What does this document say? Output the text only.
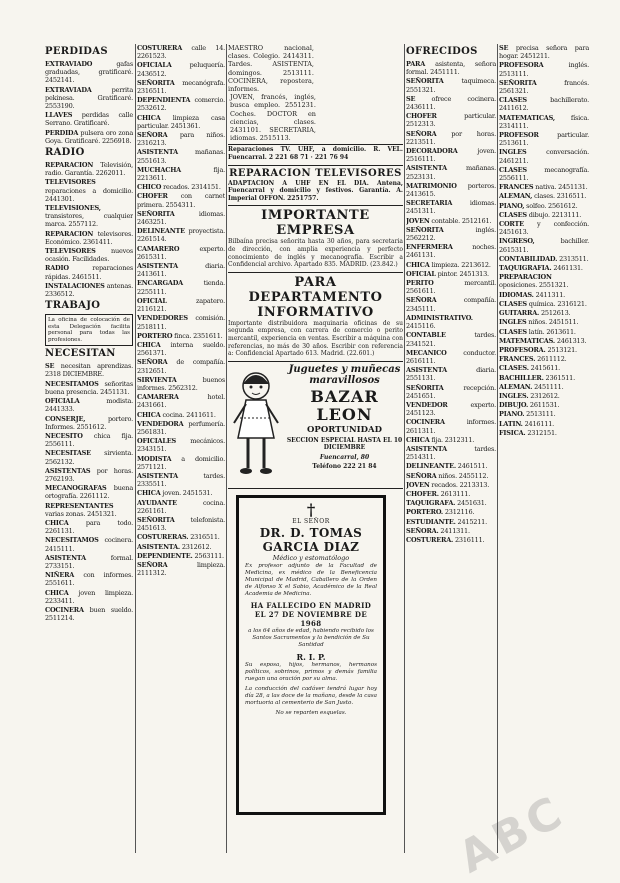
PERDIDAS
EXTRAVIADO gafas graduadas, gratificaré. 2452141.
EXTRAVIADA perrita pekinesa. Gratificaré. 2553190.
LLAVES perdidas calle Serrano. Gratificaré.
PERDIDA pulsera oro zona Goya. Gratificaré. 2256918.
RADIO
REPARACION Televisión, radio. Garantía. 2262011.
TELEVISORES reparaciones a domicilio. 2441301.
TELEVISIONES, transistores, cualquier marca. 2557112.
REPARACION televisores. Económico. 2361411.
TELEVISORES nuevos ocasión. Facilidades.
RADIO reparaciones rápidas. 2461511.
INSTALACIONES antenas. 2336512.
TRABAJO
La oficina de colocación de esta Delegación facilita personal para todas las profesiones.
NECESITAN
SE necesitan aprendizas. 2318 DICIEMBRE.
NECESITAMOS señoritas buena presencia. 2451131.
OFICIALA modista. 2441333.
CONSERJE, portero. Informes. 2551612.
NECESITO chica fija. 2556111.
NECESITASE sirvienta. 2562132.
ASISTENTAS por horas. 2762193.
MECANOGRAFAS buena ortografía. 2261112.
REPRESENTANTES varias zonas. 2451321.
CHICA para todo. 2261131.
NECESITAMOS cocinera. 2415111.
ASISTENTA formal. 2733151.
NIÑERA con informes. 2551611.
CHICA joven limpieza. 2233411.
COCINERA buen sueldo. 2511214.
COSTURERA calle 14. 2261523.
OFICIALA peluquería. 2436512.
SEÑORITA mecanógrafa. 2316511.
DEPENDIENTA comercio. 2532612.
CHICA limpieza casa particular. 2451361.
SEÑORA para niños. 2316213.
ASISTENTA mañanas. 2551613.
MUCHACHA fija. 2213611.
CHICO recados. 2314151.
CHOFER con carnet primera. 2554311.
SEÑORITA idiomas. 2463251.
DELINEANTE proyectista. 2261514.
CAMARERO experto. 2615311.
ASISTENTA diaria. 2413611.
ENCARGADA tienda. 2255111.
OFICIAL zapatero. 2116121.
VENDEDORES comisión. 2518111.
PORTERO finca. 2351611.
CHICA interna sueldo. 2561371.
SEÑORA de compañía. 2312651.
SIRVIENTA buenos informes. 2562312.
CAMARERA hotel. 2431661.
CHICA cocina. 2411611.
VENDEDORA perfumería. 2561831.
OFICIALES mecánicos. 2343151.
MODISTA a domicilio. 2571121.
ASISTENTA tardes. 2335511.
CHICA joven. 2451531.
AYUDANTE cocina. 2261161.
SEÑORITA telefonista. 2451613.
COSTURERAS. 2316511.
ASISTENTA. 2312612.
DEPENDIENTE. 2563111.
SEÑORA limpieza. 2111312.
MAESTRO nacional, clases. Colegio. 2414311. Tardes. ASISTENTA, domingos. 2513111. COCINERA, repostera, informes. JOVEN, francés, inglés, busca empleo. 2551231. Coches. DOCTOR en ciencias, clases. 2431101. SECRETARIA, idiomas. 2515113.
Reparaciones TV. UHF, a domicilio. R. VEL. Fuencarral. 2 221 68 71 · 221 76 94
REPARACION TELEVISORES
ADAPTACION A UHF EN EL DIA. Antena, Fuencarral y domicilio y festivos. Garantía. A. Imperial OFFON. 2251757.
IMPORTANTE EMPRESA
Bilbaína precisa señorita hasta 30 años, para secretaria de dirección, con amplia experiencia y perfecto conocimiento de inglés y mecanografía. Escribir a Confidencial archivo. Apartado 835. MADRID. (23.842.)
PARA DEPARTAMENTO
INFORMATIVO
Importante distribuidora maquinaria oficinas de su segunda empresa, con carrera de comercio o perito mercantil, experiencia en ventas. Escribir a máquina con referencias, no más de 30 años. Escribir con referencia a: Confidencial Apartado 613. Madrid. (22.601.)
Juguetes y muñecas maravillosos
BAZAR LEON
OPORTUNIDAD
SECCION ESPECIAL HASTA EL 10 DICIEMBRE
Fuencarral, 80
Teléfono 222 21 84
†
EL SEÑOR
DR. D. TOMAS GARCIA DIAZ
Médico y estomatólogo
Ex profesor adjunto de la Facultad de Medicina, ex médico de la Beneficencia Municipal de Madrid, Caballero de la Orden de Alfonso X el Sabio, Académico de la Real Academia de Medicina.
HA FALLECIDO EN MADRID EL 27 DE NOVIEMBRE DE 1968
a los 64 años de edad, habiendo recibido los Santos Sacramentos y la bendición de Su Santidad
R. I. P.
Su esposa, hijos, hermanos, hermanos políticos, sobrinos, primos y demás familia ruegan una oración por su alma.
La conducción del cadáver tendrá lugar hoy día 28, a las doce de la mañana, desde la casa mortuoria al cementerio de San Justo.
No se reparten esquelas.
OFRECIDOS
PARA asistenta, señora formal. 2451111.
SEÑORITA taquimeca. 2551321.
SE ofrece cocinera. 2436111.
CHOFER particular. 2512313.
SEÑORA por horas. 2213511.
DECORADORA joven. 2516111.
ASISTENTA mañanas. 2523131.
MATRIMONIO porteros. 2413615.
SECRETARIA idiomas. 2451311.
JOVEN contable. 2512161.
SEÑORITA inglés. 2562212.
ENFERMERA noches. 2461131.
CHICA limpieza. 2213612.
OFICIAL pintor. 2451313.
PERITO mercantil. 2561611.
SEÑORA compañía. 2345111.
ADMINISTRATIVO. 2415116.
CONTABLE tardes. 2341521.
MECANICO conductor. 2616111.
ASISTENTA diaria. 2551131.
SEÑORITA recepción. 2451651.
VENDEDOR experto. 2451123.
COCINERA informes. 2611311.
CHICA fija. 2312311.
ASISTENTA tardes. 2514311.
DELINEANTE. 2461511.
SEÑORA niños. 2455112.
JOVEN recados. 2213313.
CHOFER. 2613111.
TAQUIGRAFA. 2451631.
PORTERO. 2312116.
ESTUDIANTE. 2415211.
SEÑORA. 2411311.
COSTURERA. 2316111.
SE precisa señora para hogar. 2451211.
PROFESORA inglés. 2513111.
SEÑORITA francés. 2561321.
CLASES bachillerato. 2411612.
MATEMATICAS, física. 2314111.
PROFESOR particular. 2513611.
INGLES conversación. 2461211.
CLASES mecanografía. 2556111.
FRANCES nativa. 2451131.
ALEMAN, clases. 2316511.
PIANO, solfeo. 2561612.
CLASES dibujo. 2213111.
CORTE y confección. 2451613.
INGRESO, bachiller. 2615311.
CONTABILIDAD. 2313511.
TAQUIGRAFIA. 2461131.
PREPARACION oposiciones. 2551321.
IDIOMAS. 2411311.
CLASES química. 2316121.
GUITARRA. 2512613.
INGLES niños. 2451511.
CLASES latín. 2613611.
MATEMATICAS. 2461313.
PROFESORA. 2513121.
FRANCES. 2611112.
CLASES. 2415611.
BACHILLER. 2361511.
ALEMAN. 2451111.
INGLES. 2312612.
DIBUJO. 2611531.
PIANO. 2513111.
LATIN. 2416111.
FISICA. 2312151.
ABC
